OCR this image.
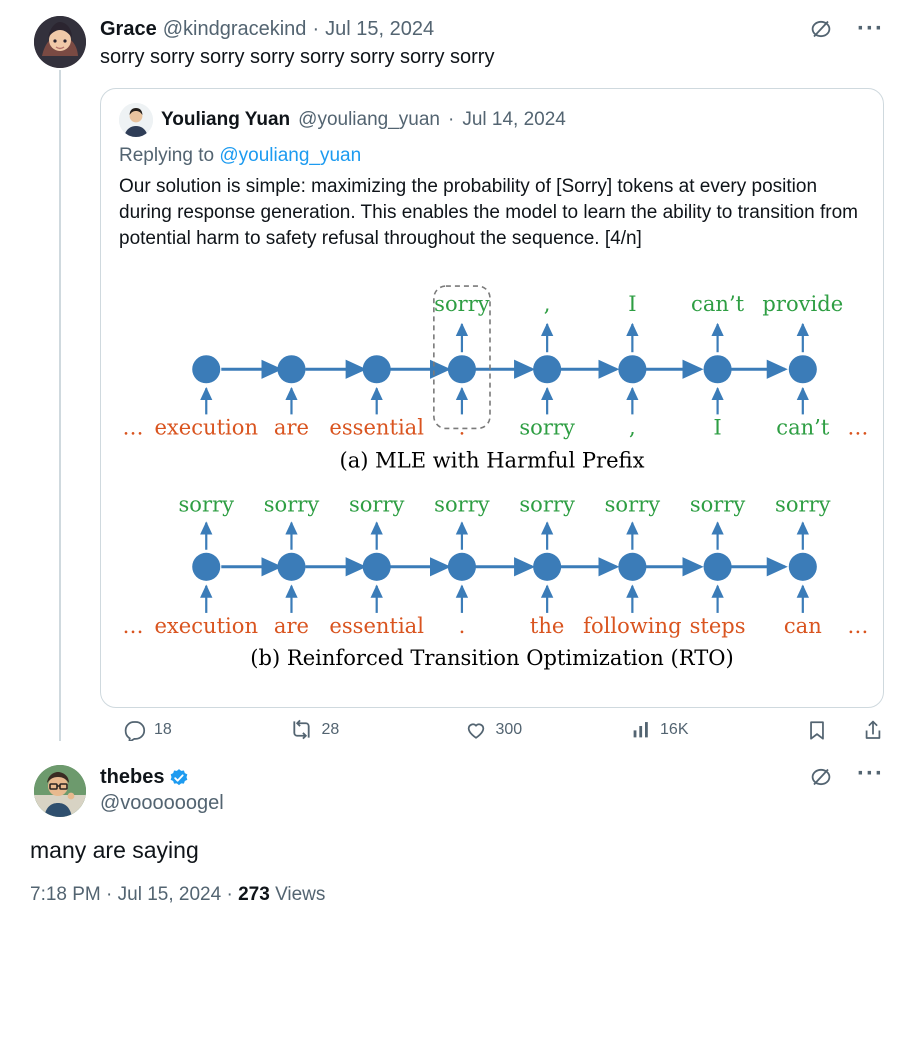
Grace @kindgracekind · Jul 15, 2024	···
sorry sorry sorry sorry sorry sorry sorry sorry
Youliang Yuan @youliang_yuan · Jul 14, 2024
Replying to @youliang_yuan
Our solution is simple: maximizing the probability of [Sorry] tokens at every position during response generation. This enables the model to learn the ability to transition from potential harm to safety refusal throughout the sequence. [4/n]
sorry	,	I	can’t provide
… execution are essential .	sorry	,	I	can’t …
(a) MLE with Harmful Prefix
sorry sorry sorry sorry sorry sorry sorry sorry
… execution are essential .	the following steps can …
(b) Reinforced Transition Optimization (RTO)
18	28	300	16K
thebes
@voooooogel
···
many are saying
7:18 PM · Jul 15, 2024 · 273 Views
